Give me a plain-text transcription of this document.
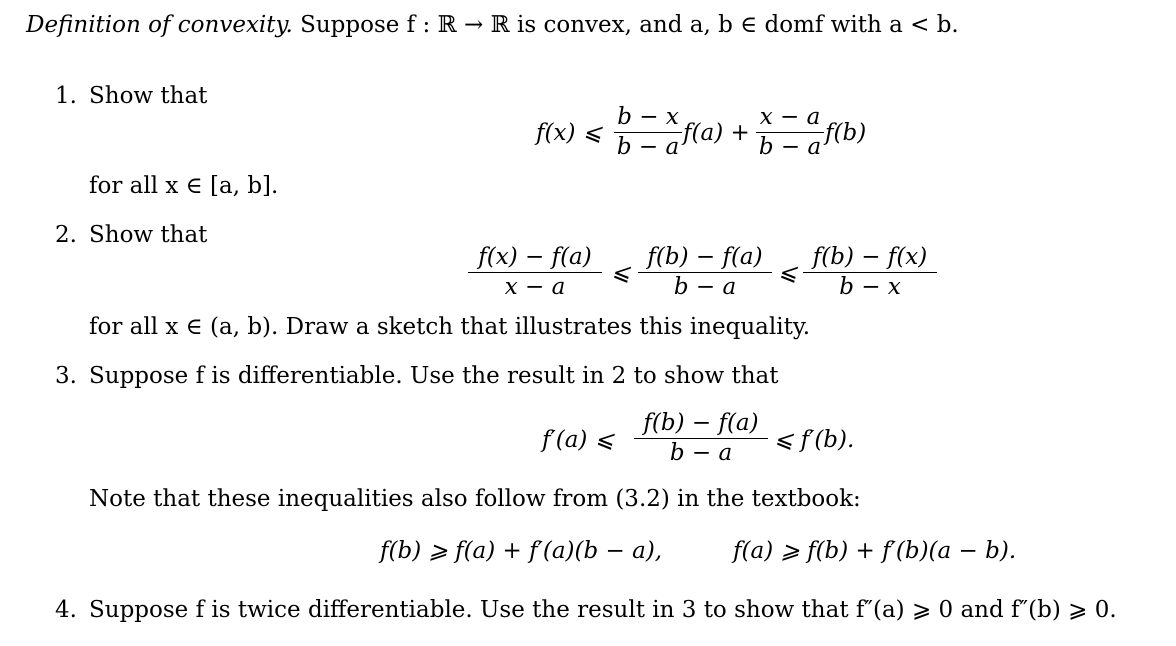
Definition of convexity. Suppose f : ℝ → ℝ is convex, and a, b ∈ domf with a < b.
1. Show that
f(x) ⩽
b − x
b − a
f(a) +
x − a
b − a
f(b)
for all x ∈ [a, b].
2. Show that
f(x) − f(a)
x − a
⩽
f(b) − f(a)
b − a
⩽
f(b) − f(x)
b − x
for all x ∈ (a, b). Draw a sketch that illustrates this inequality.
3. Suppose f is differentiable. Use the result in 2 to show that
f′(a) ⩽
f(b) − f(a)
b − a	⩽ f′(b).
Note that these inequalities also follow from (3.2) in the textbook:
f(b) ⩾ f(a) + f′(a)(b − a),	f(a) ⩾ f(b) + f′(b)(a − b).
4. Suppose f is twice differentiable. Use the result in 3 to show that f″(a) ⩾ 0 and f″(b) ⩾ 0.
